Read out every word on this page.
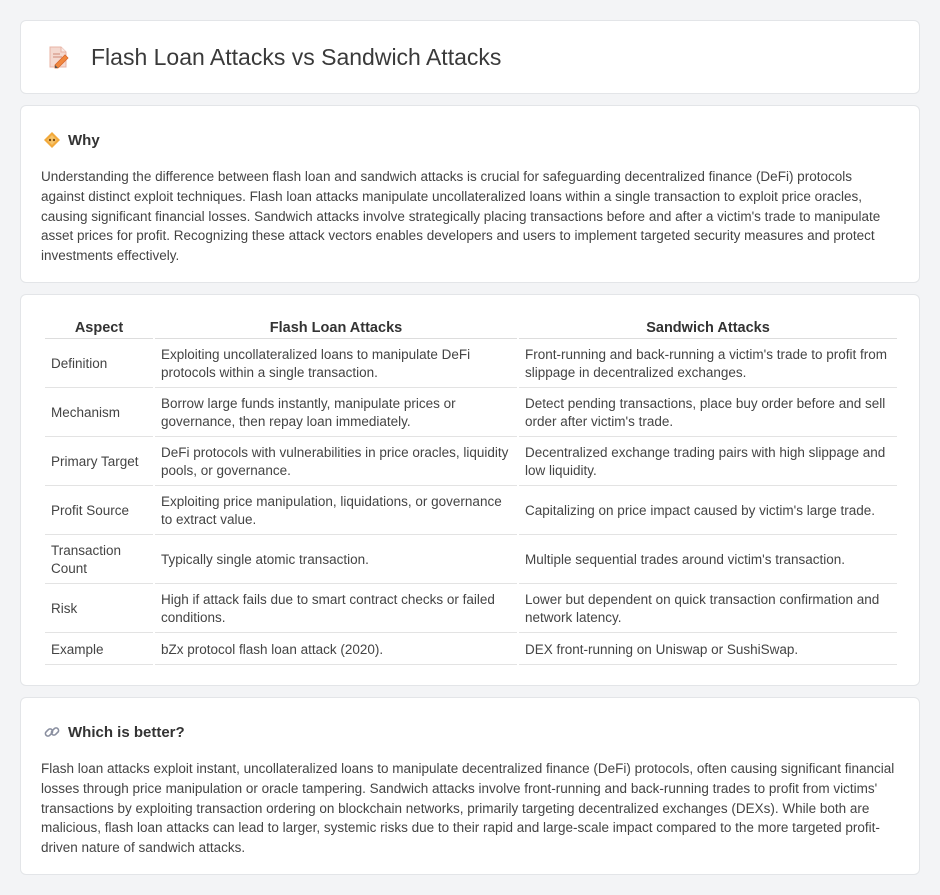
Flash Loan Attacks vs Sandwich Attacks
Why

Understanding the difference between flash loan and sandwich attacks is crucial for safeguarding decentralized finance (DeFi) protocols against distinct exploit techniques. Flash loan attacks manipulate uncollateralized loans within a single transaction to exploit price oracles, causing significant financial losses. Sandwich attacks involve strategically placing transactions before and after a victim's trade to manipulate asset prices for profit. Recognizing these attack vectors enables developers and users to implement targeted security measures and protect investments effectively.

Aspect	Flash Loan Attacks	Sandwich Attacks
Definition	Exploiting uncollateralized loans to manipulate DeFi protocols within a single transaction.	Front-running and back-running a victim's trade to profit from slippage in decentralized exchanges.
Mechanism	Borrow large funds instantly, manipulate prices or governance, then repay loan immediately.	Detect pending transactions, place buy order before and sell order after victim's trade.
Primary Target	DeFi protocols with vulnerabilities in price oracles, liquidity pools, or governance.	Decentralized exchange trading pairs with high slippage and low liquidity.
Profit Source	Exploiting price manipulation, liquidations, or governance to extract value.	Capitalizing on price impact caused by victim's large trade.
Transaction Count	Typically single atomic transaction.	Multiple sequential trades around victim's transaction.
Risk	High if attack fails due to smart contract checks or failed conditions.	Lower but dependent on quick transaction confirmation and network latency.
Example	bZx protocol flash loan attack (2020).	DEX front-running on Uniswap or SushiSwap.
Which is better?

Flash loan attacks exploit instant, uncollateralized loans to manipulate decentralized finance (DeFi) protocols, often causing significant financial losses through price manipulation or oracle tampering. Sandwich attacks involve front-running and back-running trades to profit from victims' transactions by exploiting transaction ordering on blockchain networks, primarily targeting decentralized exchanges (DEXs). While both are malicious, flash loan attacks can lead to larger, systemic risks due to their rapid and large-scale impact compared to the more targeted profit-driven nature of sandwich attacks.
